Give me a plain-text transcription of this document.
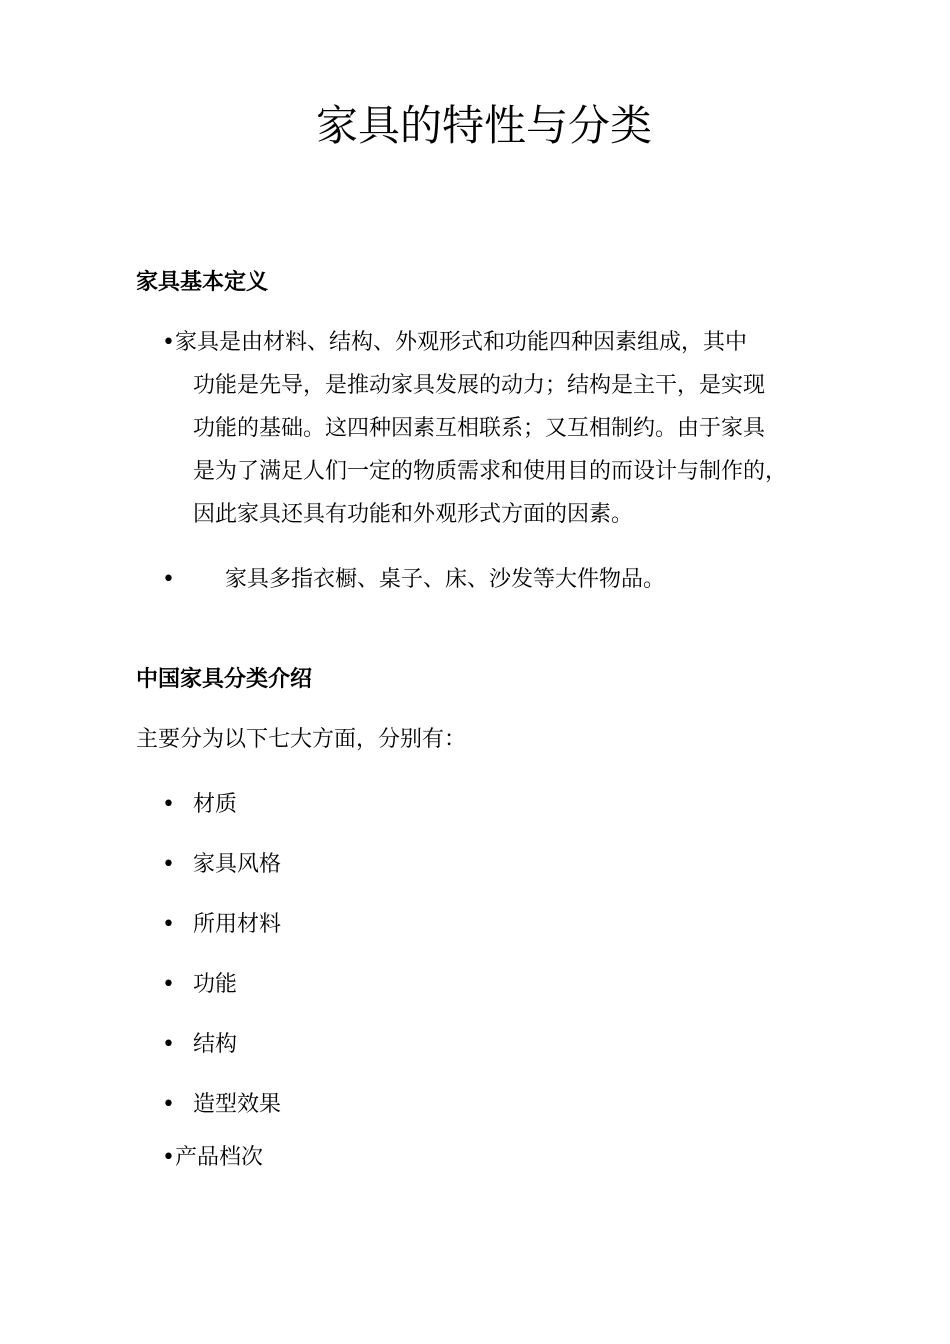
家具的特性与分类
家具基本定义
•家具是由材料、结构、外观形式和功能四种因素组成，其中
功能是先导，是推动家具发展的动力；结构是主干，是实现
功能的基础。这四种因素互相联系；又互相制约。由于家具
是为了满足人们一定的物质需求和使用目的而设计与制作的，
因此家具还具有功能和外观形式方面的因素。
• 家具多指衣橱、桌子、床、沙发等大件物品。
中国家具分类介绍

主要分为以下七大方面，分别有：

• 材质
• 家具风格
• 所用材料
• 功能
• 结构
• 造型效果
•产品档次
